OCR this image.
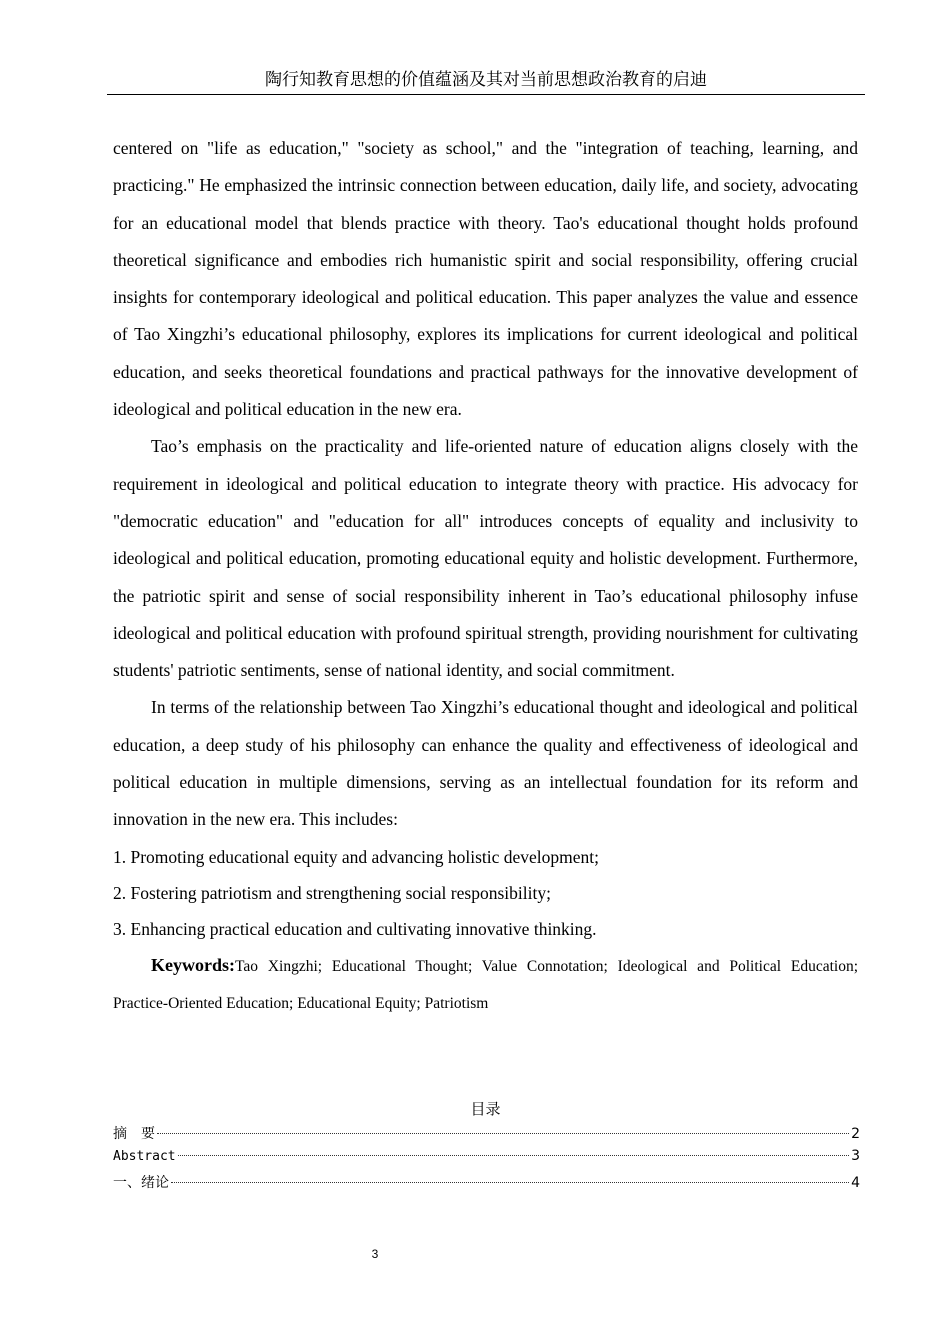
陶行知教育思想的价值蕴涵及其对当前思想政治教育的启迪

centered on "life as education," "society as school," and the "integration of teaching, learning, and practicing." He emphasized the intrinsic connection between education, daily life, and society, advocating for an educational model that blends practice with theory. Tao's educational thought holds profound theoretical significance and embodies rich humanistic spirit and social responsibility, offering crucial insights for contemporary ideological and political education. This paper analyzes the value and essence of Tao Xingzhi’s educational philosophy, explores its implications for current ideological and political education, and seeks theoretical foundations and practical pathways for the innovative development of ideological and political education in the new era.

Tao’s emphasis on the practicality and life-oriented nature of education aligns closely with the requirement in ideological and political education to integrate theory with practice. His advocacy for "democratic education" and "education for all" introduces concepts of equality and inclusivity to ideological and political education, promoting educational equity and holistic development. Furthermore, the patriotic spirit and sense of social responsibility inherent in Tao’s educational philosophy infuse ideological and political education with profound spiritual strength, providing nourishment for cultivating students' patriotic sentiments, sense of national identity, and social commitment.

In terms of the relationship between Tao Xingzhi’s educational thought and ideological and political education, a deep study of his philosophy can enhance the quality and effectiveness of ideological and political education in multiple dimensions, serving as an intellectual foundation for its reform and innovation in the new era. This includes:

1. Promoting educational equity and advancing holistic development;
2. Fostering patriotism and strengthening social responsibility;
3. Enhancing practical education and cultivating innovative thinking.

Keywords:Tao Xingzhi; Educational Thought; Value Connotation; Ideological and Political Education; Practice-Oriented Education; Educational Equity; Patriotism

目录
摘　要	2
Abstract	3
一、绪论	4
3
